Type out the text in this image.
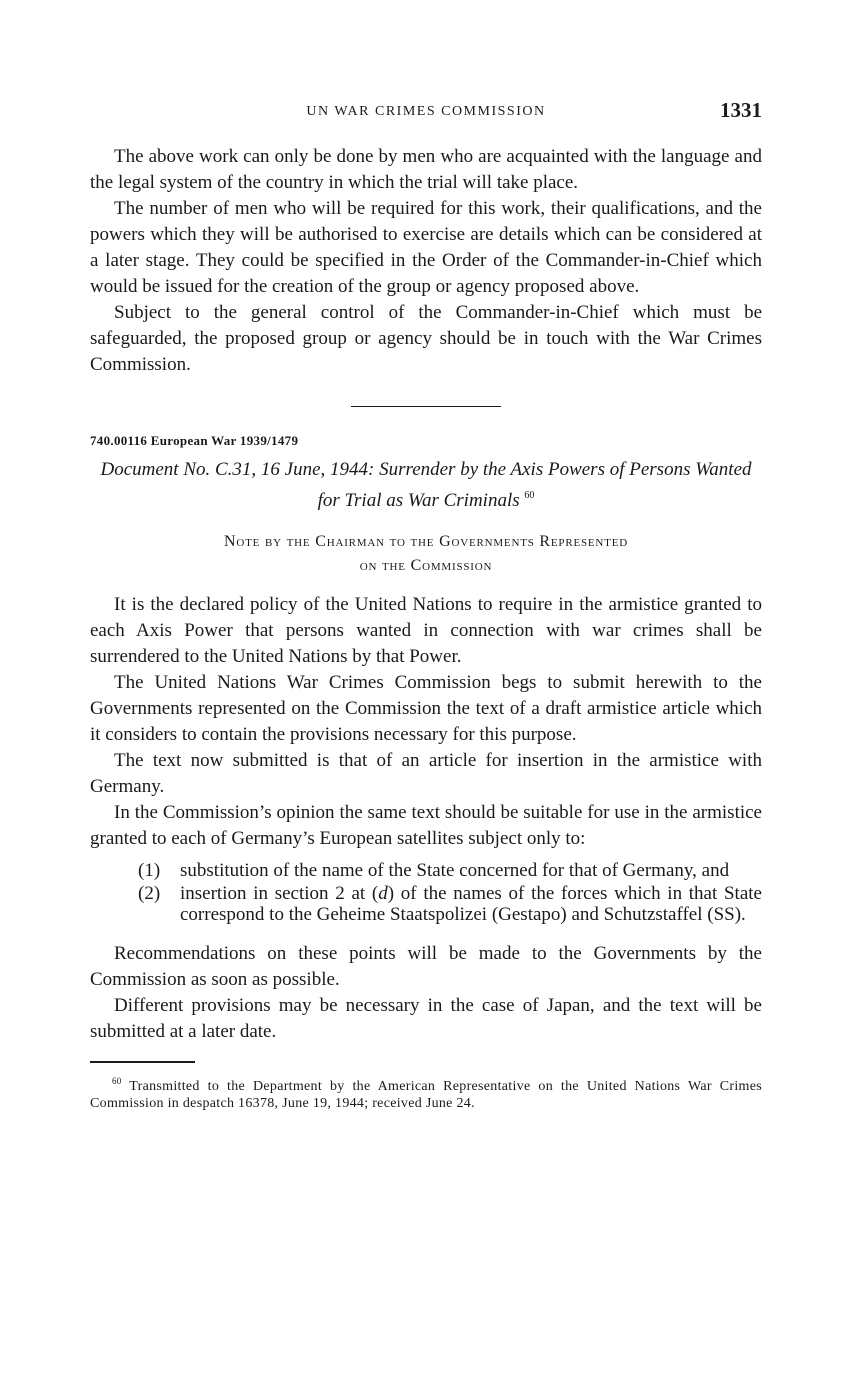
UN WAR CRIMES COMMISSION	1331

The above work can only be done by men who are acquainted with the language and the legal system of the country in which the trial will take place.

The number of men who will be required for this work, their qualifications, and the powers which they will be authorised to exercise are details which can be considered at a later stage. They could be specified in the Order of the Commander-in-Chief which would be issued for the creation of the group or agency proposed above.

Subject to the general control of the Commander-in-Chief which must be safeguarded, the proposed group or agency should be in touch with the War Crimes Commission.

740.00116 European War 1939/1479
Document No. C.31, 16 June, 1944: Surrender by the Axis Powers of Persons Wanted for Trial as War Criminals $^{60}$
Note by the Chairman to the Governments Represented
on the Commission

It is the declared policy of the United Nations to require in the armistice granted to each Axis Power that persons wanted in connection with war crimes shall be surrendered to the United Nations by that Power.

The United Nations War Crimes Commission begs to submit herewith to the Governments represented on the Commission the text of a draft armistice article which it considers to contain the provisions necessary for this purpose.

The text now submitted is that of an article for insertion in the armistice with Germany.

In the Commission’s opinion the same text should be suitable for use in the armistice granted to each of Germany’s European satellites subject only to:

(1) substitution of the name of the State concerned for that of Germany, and
(2) insertion in section 2 at (d) of the names of the forces which in that State correspond to the Geheime Staatspolizei (Gestapo) and Schutzstaffel (SS).

Recommendations on these points will be made to the Governments by the Commission as soon as possible.

Different provisions may be necessary in the case of Japan, and the text will be submitted at a later date.

$^{60}$ Transmitted to the Department by the American Representative on the United Nations War Crimes Commission in despatch 16378, June 19, 1944; received June 24.
